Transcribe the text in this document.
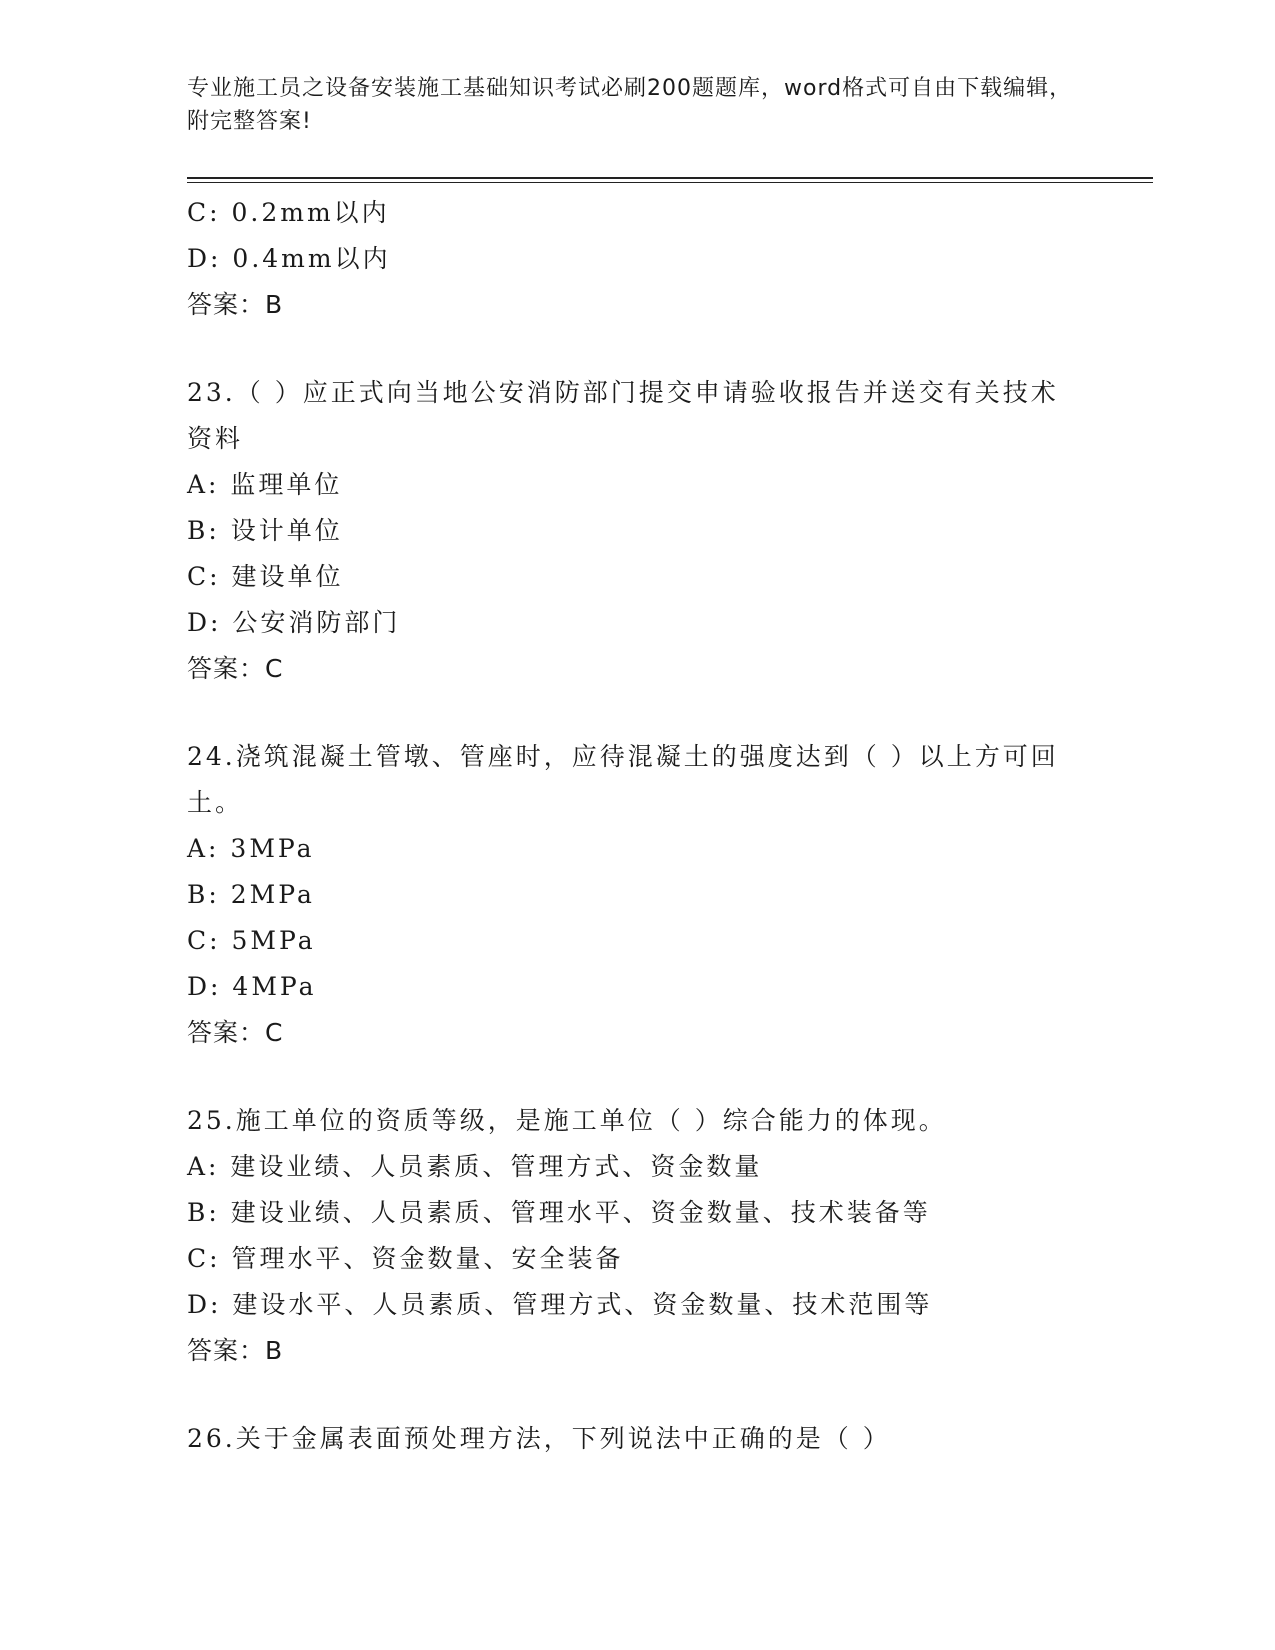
专业施工员之设备安装施工基础知识考试必刷200题题库，word格式可自由下载编辑，附完整答案!
C: 0.2mm以内
D: 0.4mm以内
答案：B
23.（ ）应正式向当地公安消防部门提交申请验收报告并送交有关技术资料
A: 监理单位
B: 设计单位
C: 建设单位
D: 公安消防部门
答案：C
24.浇筑混凝土管墩、管座时，应待混凝土的强度达到（ ）以上方可回土。
A: 3MPa
B: 2MPa
C: 5MPa
D: 4MPa
答案：C
25.施工单位的资质等级，是施工单位（ ）综合能力的体现。
A: 建设业绩、人员素质、管理方式、资金数量
B: 建设业绩、人员素质、管理水平、资金数量、技术装备等
C: 管理水平、资金数量、安全装备
D: 建设水平、人员素质、管理方式、资金数量、技术范围等
答案：B
26.关于金属表面预处理方法，下列说法中正确的是（ ）
